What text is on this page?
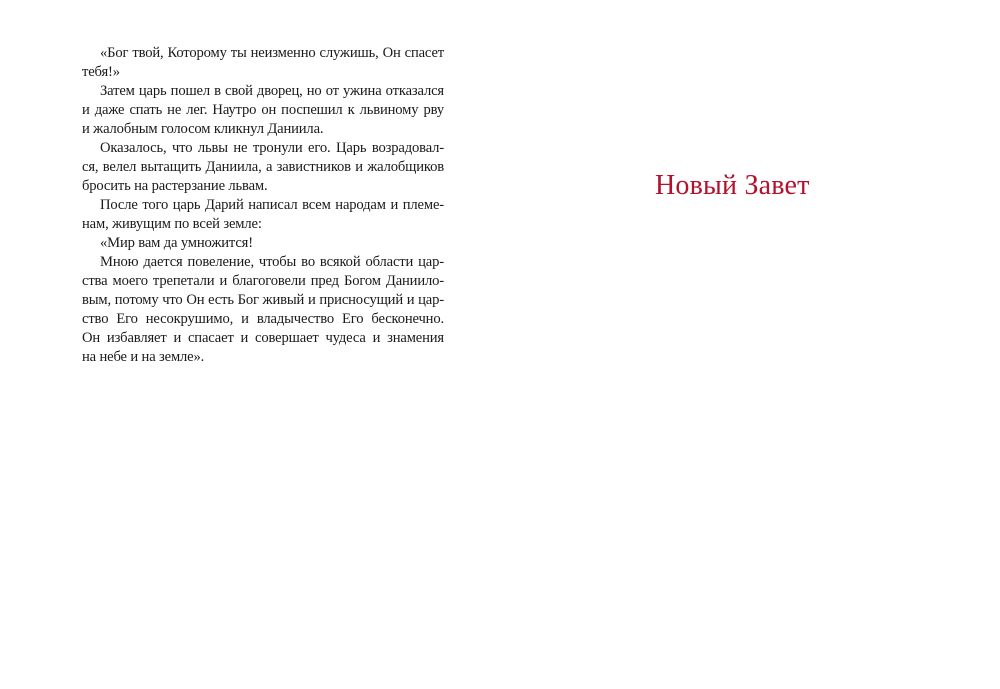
«Бог твой, Которому ты неизменно служишь, Он спасет
тебя!»
Затем царь пошел в свой дворец, но от ужина отказался
и даже спать не лег. Наутро он поспешил к львиному рву
и жалобным голосом кликнул Даниила.
Оказалось, что львы не тронули его. Царь возрадовал-
ся, велел вытащить Даниила, а завистников и жалобщиков
бросить на растерзание львам.
После того царь Дарий написал всем народам и племе-
нам, живущим по всей земле:
«Мир вам да умножится!
Мною дается повеление, чтобы во всякой области цар-
ства моего трепетали и благоговели пред Богом Даниило-
вым, потому что Он есть Бог живый и присносущий и цар-
ство Его несокрушимо, и владычество Его бесконечно.
Он избавляет и спасает и совершает чудеса и знамения
на небе и на земле».
Новый Завет
